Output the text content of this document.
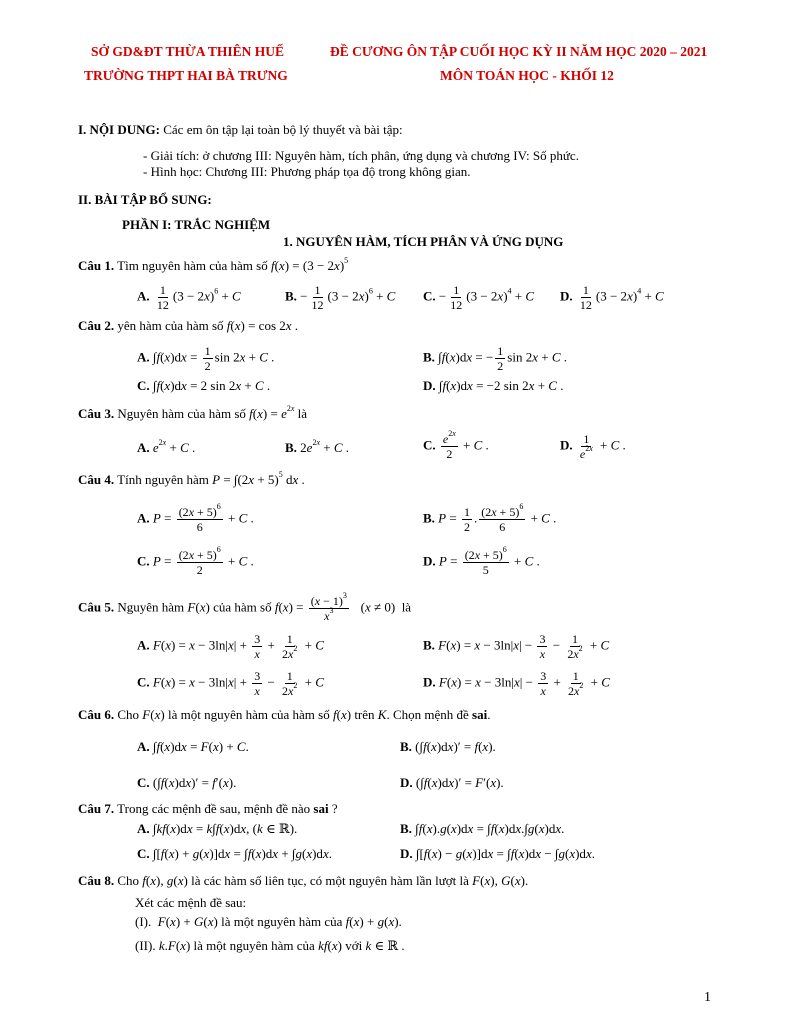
SỞ GD&ĐT THỪA THIÊN HUẾ	ĐỀ CƯƠNG ÔN TẬP CUỐI HỌC KỲ II NĂM HỌC 2020 – 2021
TRƯỜNG THPT HAI BÀ TRƯNG	MÔN TOÁN HỌC - KHỐI 12
I. NỘI DUNG: Các em ôn tập lại toàn bộ lý thuyết và bài tập:
- Giải tích: ở chương III: Nguyên hàm, tích phân, ứng dụng và chương IV: Số phức.
- Hình học: Chương III: Phương pháp tọa độ trong không gian.
II. BÀI TẬP BỔ SUNG:
PHẦN I: TRẮC NGHIỆM
1. NGUYÊN HÀM, TÍCH PHÂN VÀ ỨNG DỤNG
Câu 1. Tìm nguyên hàm của hàm số $f(x) = (3 - 2x)^5$
A. $\frac{1}{12} (3 - 2x)^6 + C$	B. − $\frac{1}{12} (3 - 2x)^6 + C$ C. − $\frac{1}{12} (3 - 2x)^4 + C$ D. $\frac{1}{12} (3 - 2x)^4 + C$
Câu 2. yên hàm của hàm số f(x) = cos 2x .
A. $\int f(x)dx = \frac{1}{2}$ sin 2x + C .	B. ∫f(x)dx = − $\frac{1}{2}$ sin 2x + C .
C. ∫f(x)dx = 2 sin 2x + C .	D. ∫f(x)dx = −2 sin 2x + C .
Câu 3. Nguyên hàm của hàm số $f(x) = e^{2x}$ là
A. $e^{2x} + C$ .	B. $2e^{2x} + C$ .	C. $\frac{e^{2x}}{2} + C$ .	D. $\frac{1}{e^{2x}} + C$ .
Câu 4. Tính nguyên hàm $P = \int(2x + 5)^5$ dx .
A. $P = \frac{(2x + 5)^6}{6} + C$ .	B. $P = \frac{1}{2}$ . $\frac{(2x + 5)^6}{6} + C$ .
C. $P = \frac{(2x + 5)^6}{2} + C$ .	D. $P = \frac{(2x + 5)^6}{5} + C$ .
Câu 5. Nguyên hàm F(x) của hàm số $f(x) = \frac{(x - 1)^3}{x^3} (x \ne 0)$  là
A. $F(x) = x - 3\ln|x| + \frac{3}{x} + \frac{1}{2x^2} + C$	B. $F(x) = x - 3\ln|x| - \frac{3}{x} - \frac{1}{2x^2} + C$
C. $F(x) = x - 3\ln|x| + \frac{3}{x} - \frac{1}{2x^2} + C$	D. $F(x) = x - 3\ln|x| - \frac{3}{x} + \frac{1}{2x^2} + C$
Câu 6. Cho F(x) là một nguyên hàm của hàm số f(x) trên K. Chọn mệnh đề sai.
A. ∫f(x)dx = F(x) + C.	B. (∫f(x)dx)′ = f(x).
C. (∫f(x)dx)′ = f′(x).	D. (∫f(x)dx)′ = F′(x).
Câu 7. Trong các mệnh đề sau, mệnh đề nào sai ?
A. ∫kf(x)dx = k∫f(x)dx, (k ∈ ℝ).	B. ∫f(x).g(x)dx = ∫f(x)dx.∫g(x)dx.
C. ∫[f(x) + g(x)]dx = ∫f(x)dx + ∫g(x)dx.	D. ∫[f(x) − g(x)]dx = ∫f(x)dx − ∫g(x)dx.
Câu 8. Cho f(x), g(x) là các hàm số liên tục, có một nguyên hàm lần lượt là F(x), G(x).
Xét các mệnh đề sau:
(I). F(x) + G(x) là một nguyên hàm của f(x) + g(x).
(II). k.F(x) là một nguyên hàm của kf(x) với k ∈ ℝ .
1
